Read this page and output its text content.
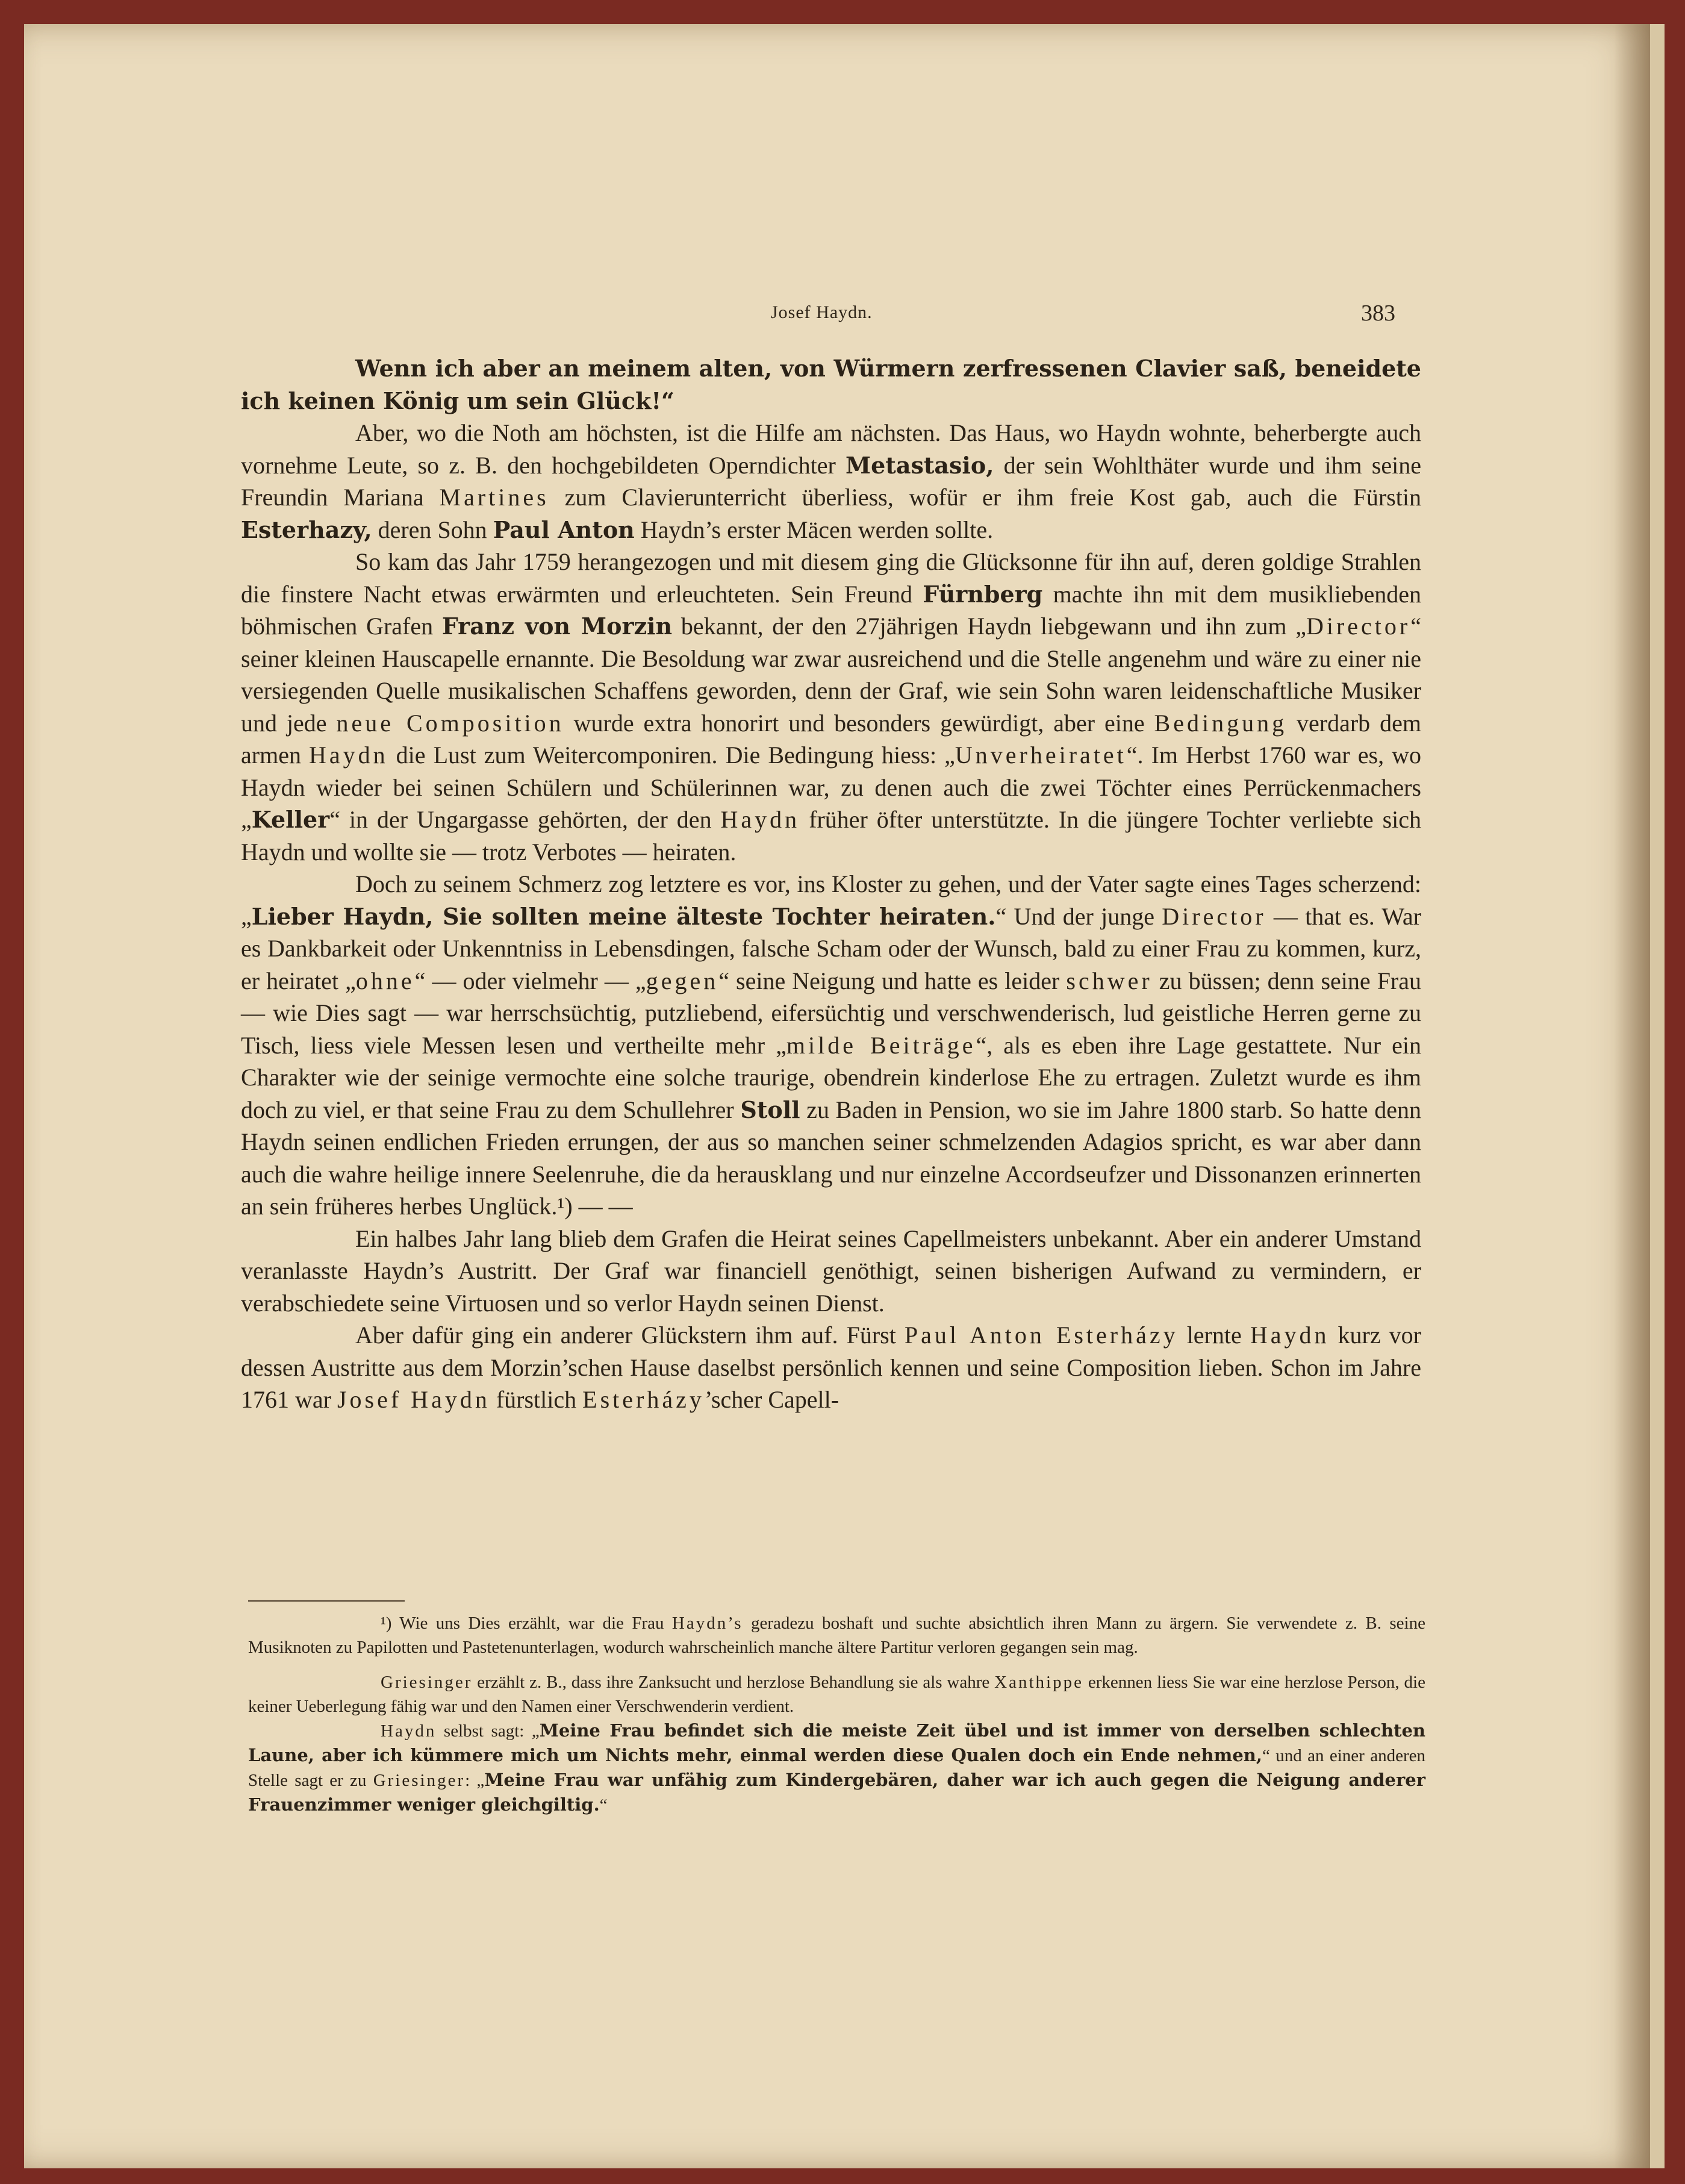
Josef Haydn.	383

Wenn ich aber an meinem alten, von Würmern zerfressenen Clavier saß, beneidete ich keinen König um sein Glück!“

Aber, wo die Noth am höchsten, ist die Hilfe am nächsten. Das Haus, wo Haydn wohnte, beherbergte auch vornehme Leute, so z. B. den hochgebildeten Operndichter Metastasio, der sein Wohlthäter wurde und ihm seine Freundin Mariana Martines zum Clavierunterricht überliess, wofür er ihm freie Kost gab, auch die Fürstin Esterhazy, deren Sohn Paul Anton Haydn’s erster Mäcen werden sollte.

So kam das Jahr 1759 herangezogen und mit diesem ging die Glücksonne für ihn auf, deren goldige Strahlen die finstere Nacht etwas erwärmten und erleuchteten. Sein Freund Fürnberg machte ihn mit dem musikliebenden böhmischen Grafen Franz von Morzin bekannt, der den 27jährigen Haydn liebgewann und ihn zum „Director“ seiner kleinen Hauscapelle ernannte. Die Besoldung war zwar ausreichend und die Stelle angenehm und wäre zu einer nie versiegenden Quelle musikalischen Schaffens geworden, denn der Graf, wie sein Sohn waren leidenschaftliche Musiker und jede neue Composition wurde extra honorirt und besonders gewürdigt, aber eine Bedingung verdarb dem armen Haydn die Lust zum Weitercomponiren. Die Bedingung hiess: „Unverheiratet“. Im Herbst 1760 war es, wo Haydn wieder bei seinen Schülern und Schülerinnen war, zu denen auch die zwei Töchter eines Perrückenmachers „Keller“ in der Ungargasse gehörten, der den Haydn früher öfter unterstützte. In die jüngere Tochter verliebte sich Haydn und wollte sie — trotz Verbotes — heiraten.

Doch zu seinem Schmerz zog letztere es vor, ins Kloster zu gehen, und der Vater sagte eines Tages scherzend: „Lieber Haydn, Sie sollten meine älteste Tochter heiraten.“ Und der junge Director — that es. War es Dankbarkeit oder Unkenntniss in Lebensdingen, falsche Scham oder der Wunsch, bald zu einer Frau zu kommen, kurz, er heiratet „ohne“ — oder vielmehr — „gegen“ seine Neigung und hatte es leider schwer zu büssen; denn seine Frau — wie Dies sagt — war herrschsüchtig, putzliebend, eifersüchtig und verschwenderisch, lud geistliche Herren gerne zu Tisch, liess viele Messen lesen und vertheilte mehr „milde Beiträge“, als es eben ihre Lage gestattete. Nur ein Charakter wie der seinige vermochte eine solche traurige, obendrein kinderlose Ehe zu ertragen. Zuletzt wurde es ihm doch zu viel, er that seine Frau zu dem Schullehrer Stoll zu Baden in Pension, wo sie im Jahre 1800 starb. So hatte denn Haydn seinen endlichen Frieden errungen, der aus so manchen seiner schmelzenden Adagios spricht, es war aber dann auch die wahre heilige innere Seelenruhe, die da herausklang und nur einzelne Accordseufzer und Dissonanzen erinnerten an sein früheres herbes Unglück.¹) — —

Ein halbes Jahr lang blieb dem Grafen die Heirat seines Capellmeisters unbekannt. Aber ein anderer Umstand veranlasste Haydn’s Austritt. Der Graf war financiell genöthigt, seinen bisherigen Aufwand zu vermindern, er verabschiedete seine Virtuosen und so verlor Haydn seinen Dienst.

Aber dafür ging ein anderer Glückstern ihm auf. Fürst Paul Anton Esterházy lernte Haydn kurz vor dessen Austritte aus dem Morzin’schen Hause daselbst persönlich kennen und seine Composition lieben. Schon im Jahre 1761 war Josef Haydn fürstlich Esterházy’scher Capell-

¹) Wie uns Dies erzählt, war die Frau Haydn’s geradezu boshaft und suchte absichtlich ihren Mann zu ärgern. Sie verwendete z. B. seine Musiknoten zu Papilotten und Pastetenunterlagen, wodurch wahrscheinlich manche ältere Partitur verloren gegangen sein mag.

Griesinger erzählt z. B., dass ihre Zanksucht und herzlose Behandlung sie als wahre Xanthippe erkennen liess Sie war eine herzlose Person, die keiner Ueberlegung fähig war und den Namen einer Verschwenderin verdient.

Haydn selbst sagt: „Meine Frau befindet sich die meiste Zeit übel und ist immer von derselben schlechten Laune, aber ich kümmere mich um Nichts mehr, einmal werden diese Qualen doch ein Ende nehmen,“ und an einer anderen Stelle sagt er zu Griesinger: „Meine Frau war unfähig zum Kindergebären, daher war ich auch gegen die Neigung anderer Frauenzimmer weniger gleichgiltig.“
